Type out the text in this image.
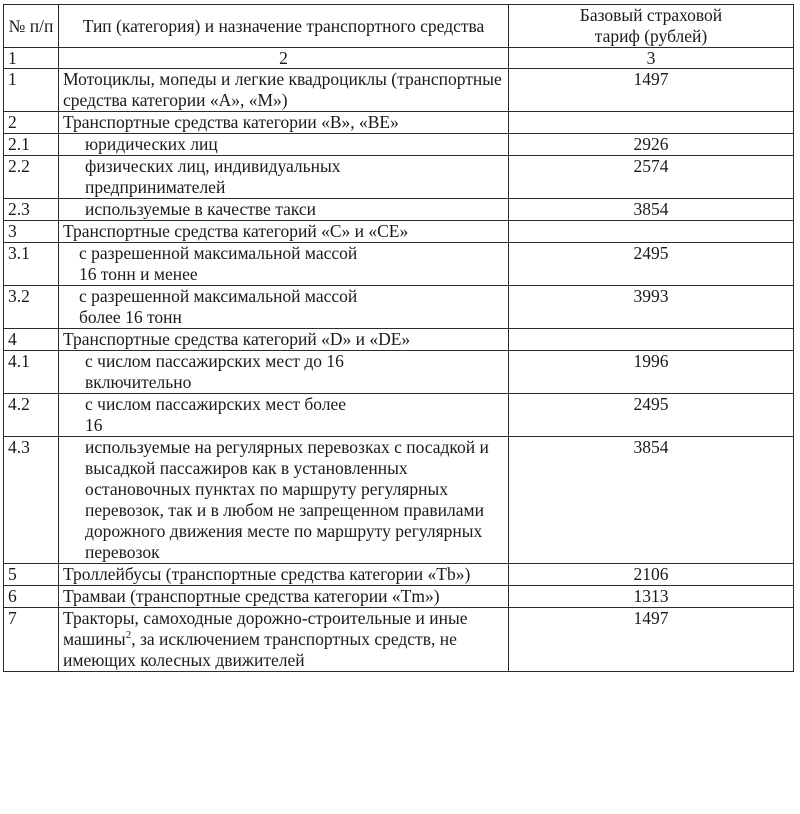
№ п/п	Тип (категория) и назначение транспортного средства	Базовый страховой тариф (рублей)
1	2	3
1	Мотоциклы, мопеды и легкие квадроциклы (транспортные средства категории «А», «М»)	1497
2	Транспортные средства категории «В», «ВЕ»	
2.1	юридических лиц	2926
2.2	физических лиц, индивидуальных предпринимателей	2574
2.3	используемые в качестве такси	3854
3	Транспортные средства категорий «С» и «СЕ»	
3.1	с разрешенной максимальной массой 16 тонн и менее	2495
3.2	с разрешенной максимальной массой более 16 тонн	3993
4	Транспортные средства категорий «D» и «DE»	
4.1	с числом пассажирских мест до 16 включительно	1996
4.2	с числом пассажирских мест более 16	2495
4.3	используемые на регулярных перевозках с посадкой и высадкой пассажиров как в установленных остановочных пунктах по маршруту регулярных перевозок, так и в любом не запрещенном правилами дорожного движения месте по маршруту регулярных перевозок	3854
5	Троллейбусы (транспортные средства категории «Tb»)	2106
6	Трамваи (транспортные средства категории «Tm»)	1313
7	Тракторы, самоходные дорожно-строительные и иные машины$^2$, за исключением транспортных средств, не имеющих колесных движителей	1497
